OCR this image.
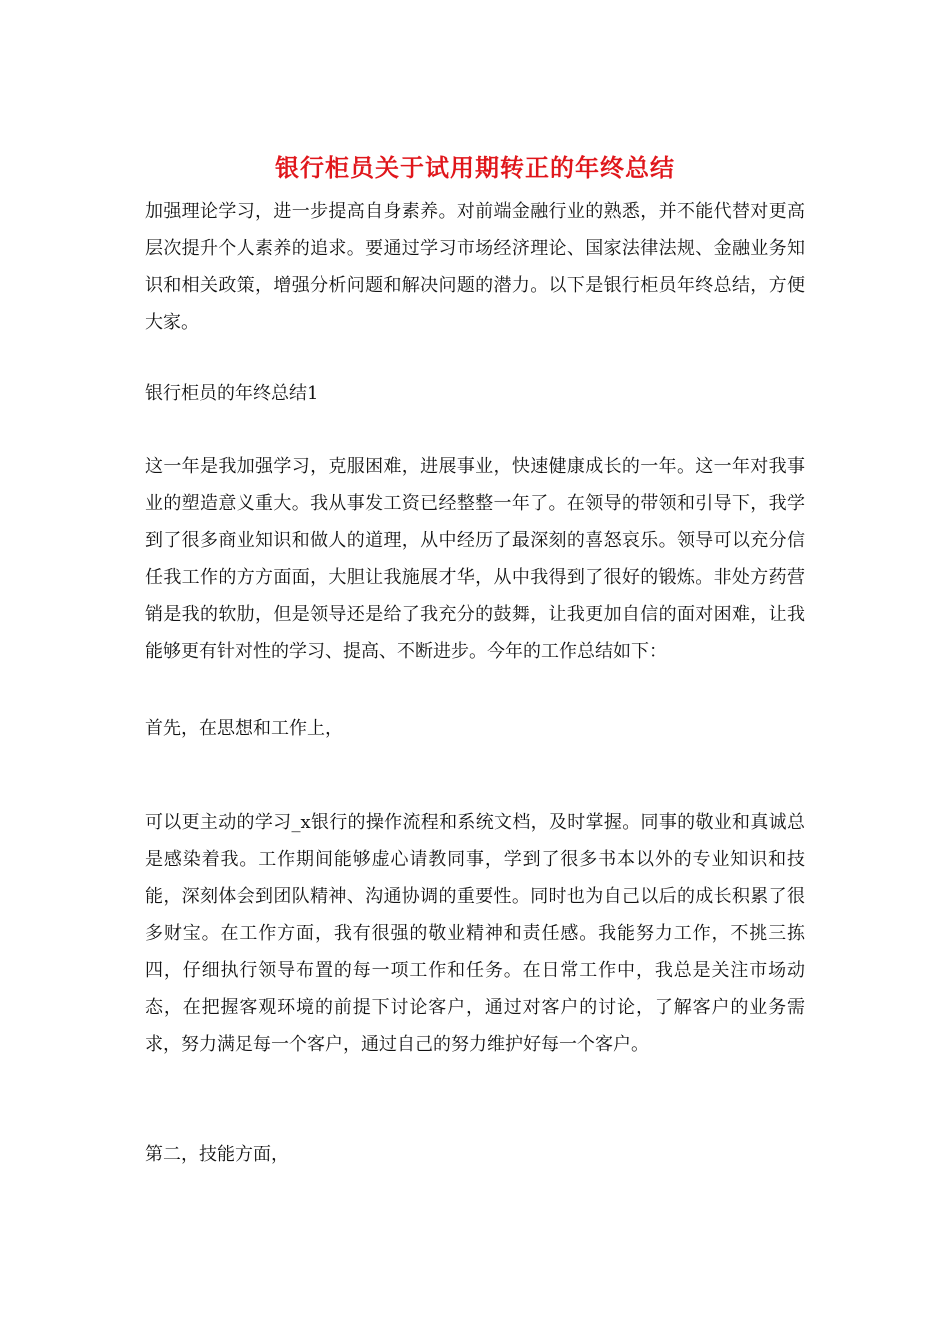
银行柜员关于试用期转正的年终总结

加强理论学习，进一步提高自身素养。对前端金融行业的熟悉，并不能代替对更高层次提升个人素养的追求。要通过学习市场经济理论、国家法律法规、金融业务知识和相关政策，增强分析问题和解决问题的潜力。以下是银行柜员年终总结，方便大家。

银行柜员的年终总结1

这一年是我加强学习，克服困难，进展事业，快速健康成长的一年。这一年对我事业的塑造意义重大。我从事发工资已经整整一年了。在领导的带领和引导下，我学到了很多商业知识和做人的道理，从中经历了最深刻的喜怒哀乐。领导可以充分信任我工作的方方面面，大胆让我施展才华，从中我得到了很好的锻炼。非处方药营销是我的软肋，但是领导还是给了我充分的鼓舞，让我更加自信的面对困难，让我能够更有针对性的学习、提高、不断进步。今年的工作总结如下：

首先，在思想和工作上，

可以更主动的学习_x银行的操作流程和系统文档，及时掌握。同事的敬业和真诚总是感染着我。工作期间能够虚心请教同事，学到了很多书本以外的专业知识和技能，深刻体会到团队精神、沟通协调的重要性。同时也为自己以后的成长积累了很多财宝。在工作方面，我有很强的敬业精神和责任感。我能努力工作，不挑三拣四，仔细执行领导布置的每一项工作和任务。在日常工作中，我总是关注市场动态，在把握客观环境的前提下讨论客户，通过对客户的讨论，了解客户的业务需求，努力满足每一个客户，通过自己的努力维护好每一个客户。

第二，技能方面，
